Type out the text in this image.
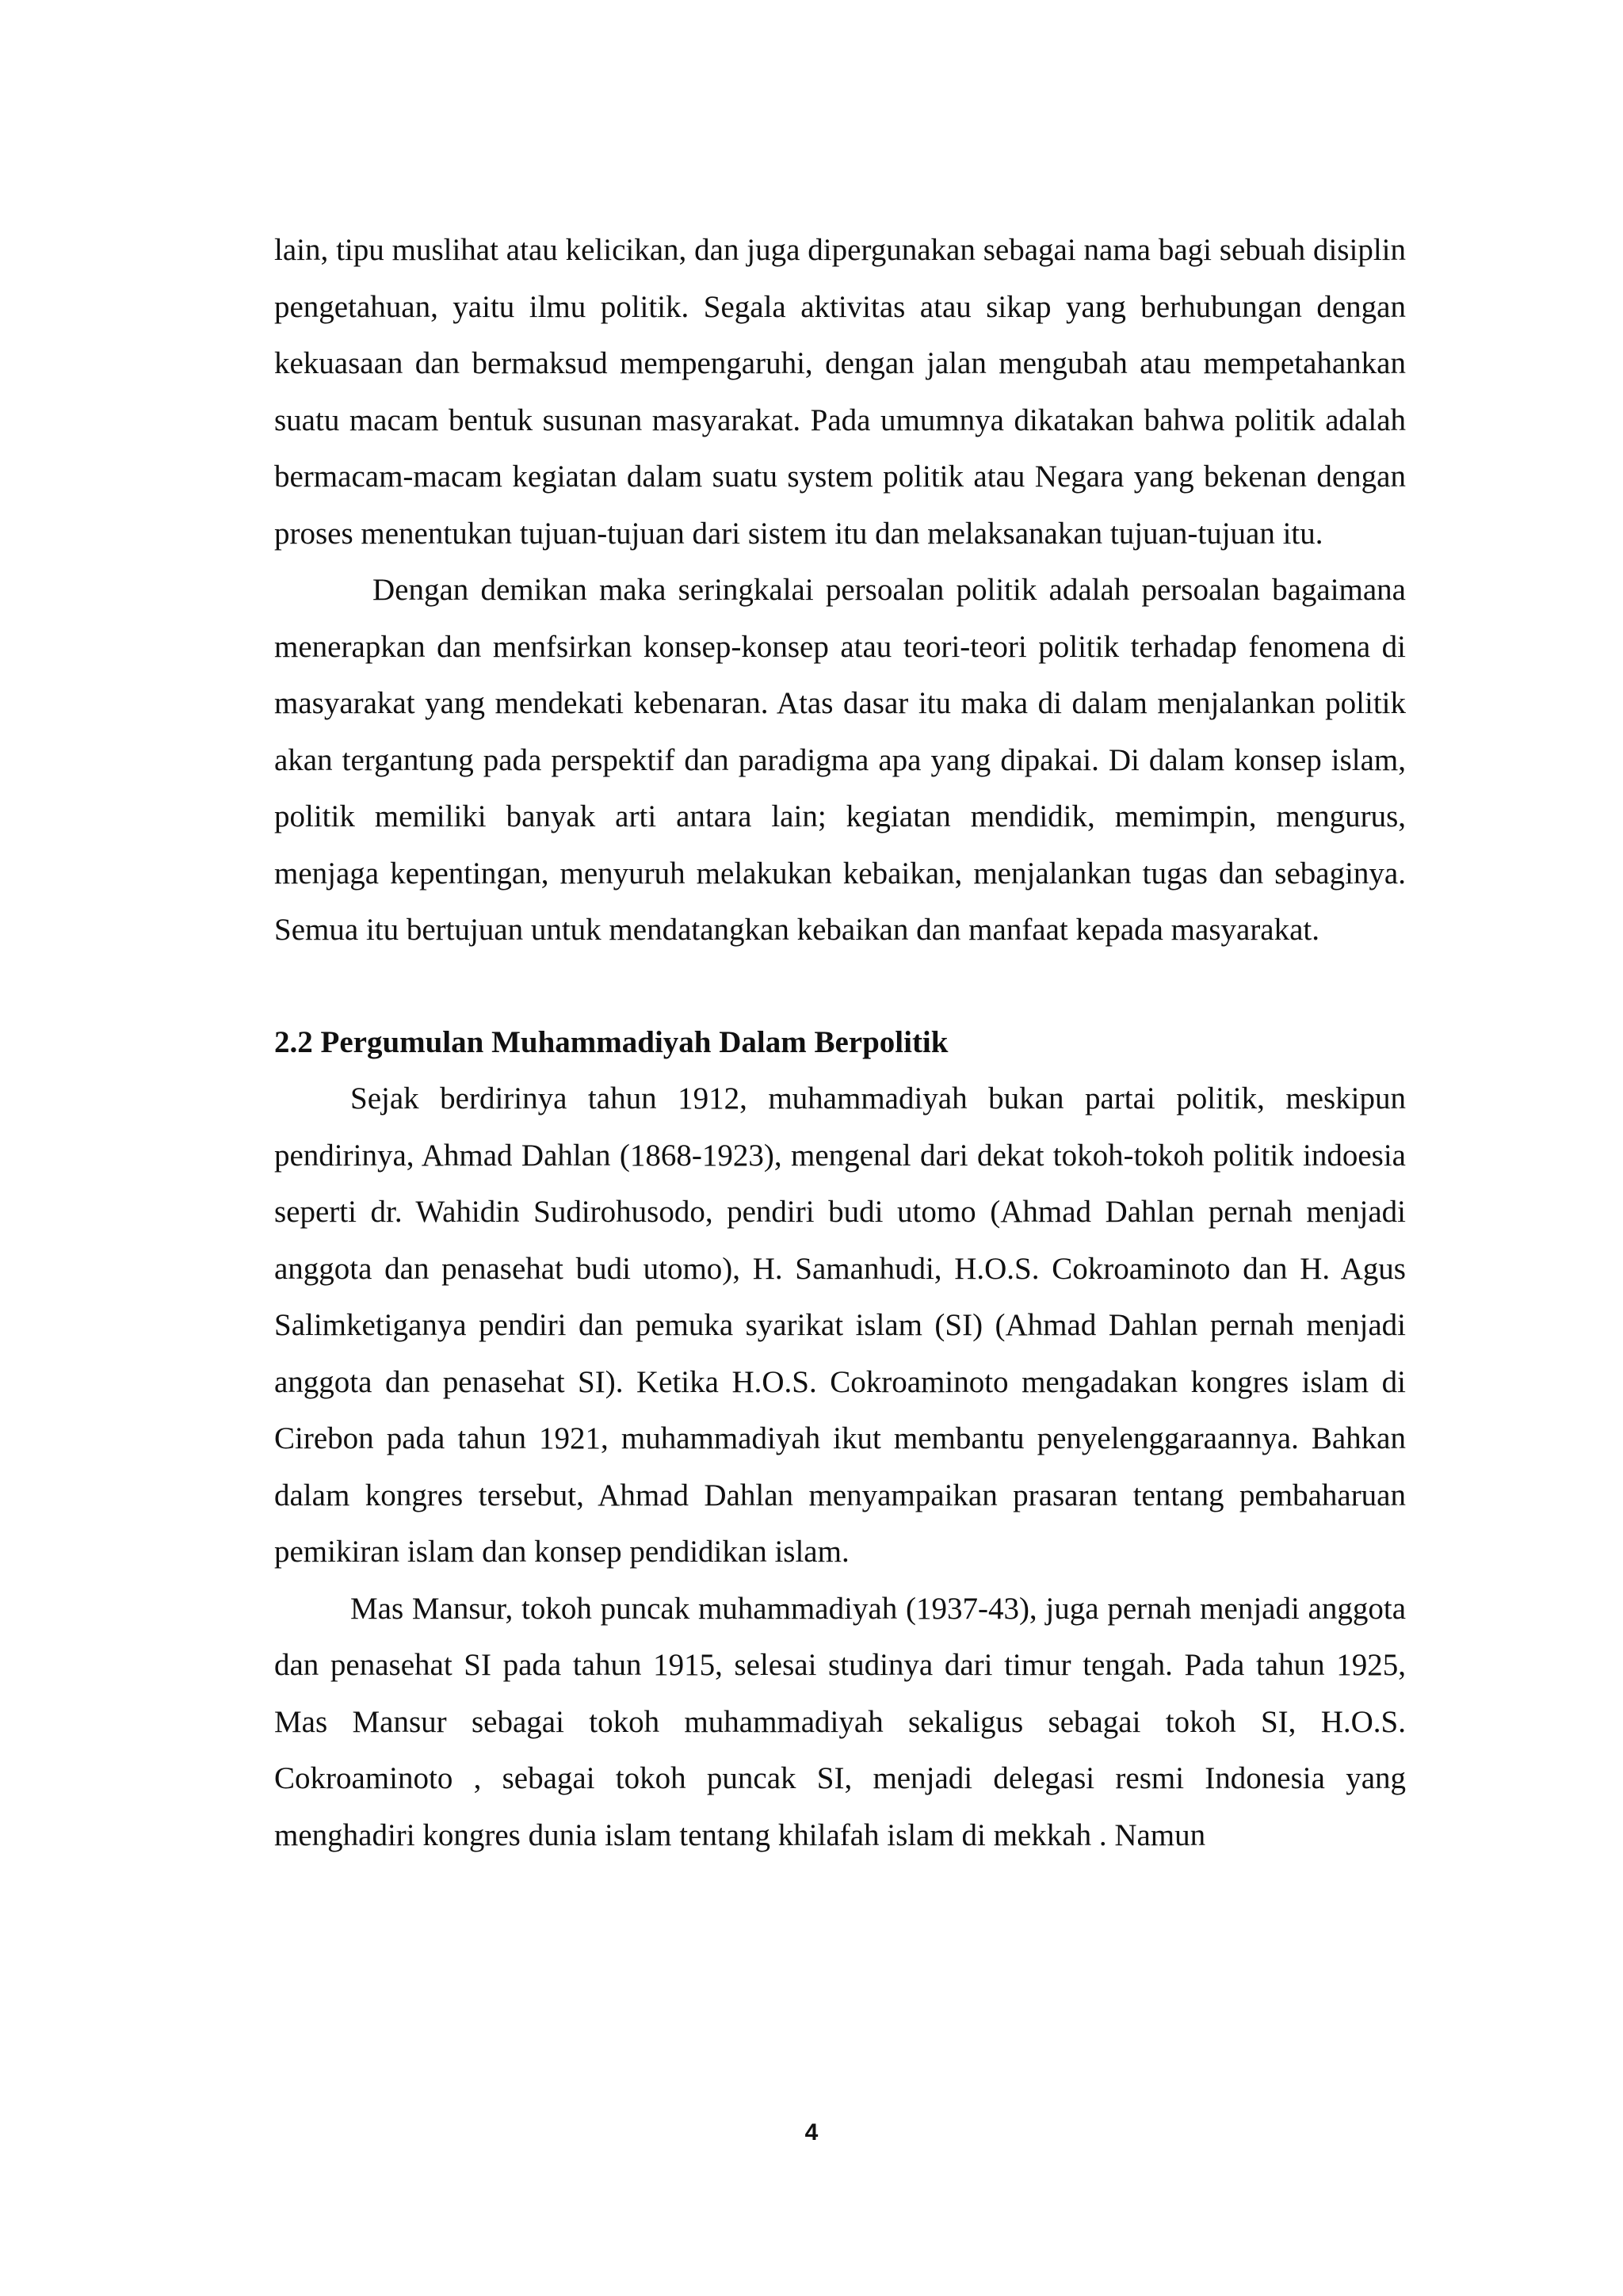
lain, tipu muslihat atau kelicikan, dan juga dipergunakan sebagai nama bagi sebuah disiplin pengetahuan, yaitu ilmu politik. Segala aktivitas atau sikap yang berhubungan dengan kekuasaan dan bermaksud mempengaruhi, dengan jalan mengubah atau mempetahankan suatu macam bentuk susunan masyarakat. Pada umumnya dikatakan bahwa politik adalah bermacam-macam kegiatan dalam suatu system politik atau Negara yang bekenan dengan proses menentukan tujuan-tujuan dari sistem itu dan melaksanakan tujuan-tujuan itu.

Dengan demikan maka seringkalai persoalan politik adalah persoalan bagaimana menerapkan dan menfsirkan konsep-konsep atau teori-teori politik terhadap fenomena di masyarakat yang mendekati kebenaran. Atas dasar itu maka di dalam menjalankan politik akan tergantung pada perspektif dan paradigma apa yang dipakai. Di dalam konsep islam, politik memiliki banyak arti antara lain; kegiatan mendidik, memimpin, mengurus, menjaga kepentingan, menyuruh melakukan kebaikan, menjalankan tugas dan sebaginya. Semua itu bertujuan untuk mendatangkan kebaikan dan manfaat kepada masyarakat.

2.2 Pergumulan Muhammadiyah Dalam Berpolitik

Sejak berdirinya tahun 1912, muhammadiyah bukan partai politik, meskipun pendirinya, Ahmad Dahlan (1868-1923), mengenal dari dekat tokoh-tokoh politik indoesia seperti dr. Wahidin Sudirohusodo, pendiri budi utomo (Ahmad Dahlan pernah menjadi anggota dan penasehat budi utomo), H. Samanhudi, H.O.S. Cokroaminoto dan H. Agus Salimketiganya pendiri dan pemuka syarikat islam (SI) (Ahmad Dahlan pernah menjadi anggota dan penasehat SI). Ketika H.O.S. Cokroaminoto mengadakan kongres islam di Cirebon pada tahun 1921, muhammadiyah ikut membantu penyelenggaraannya. Bahkan dalam kongres tersebut, Ahmad Dahlan menyampaikan prasaran tentang pembaharuan pemikiran islam dan konsep pendidikan islam.

Mas Mansur, tokoh puncak muhammadiyah (1937-43), juga pernah menjadi anggota dan penasehat SI pada tahun 1915, selesai studinya dari timur tengah. Pada tahun 1925, Mas Mansur sebagai tokoh muhammadiyah sekaligus sebagai tokoh SI, H.O.S. Cokroaminoto , sebagai tokoh puncak SI, menjadi delegasi resmi Indonesia yang menghadiri kongres dunia islam tentang khilafah islam di mekkah . Namun

4
